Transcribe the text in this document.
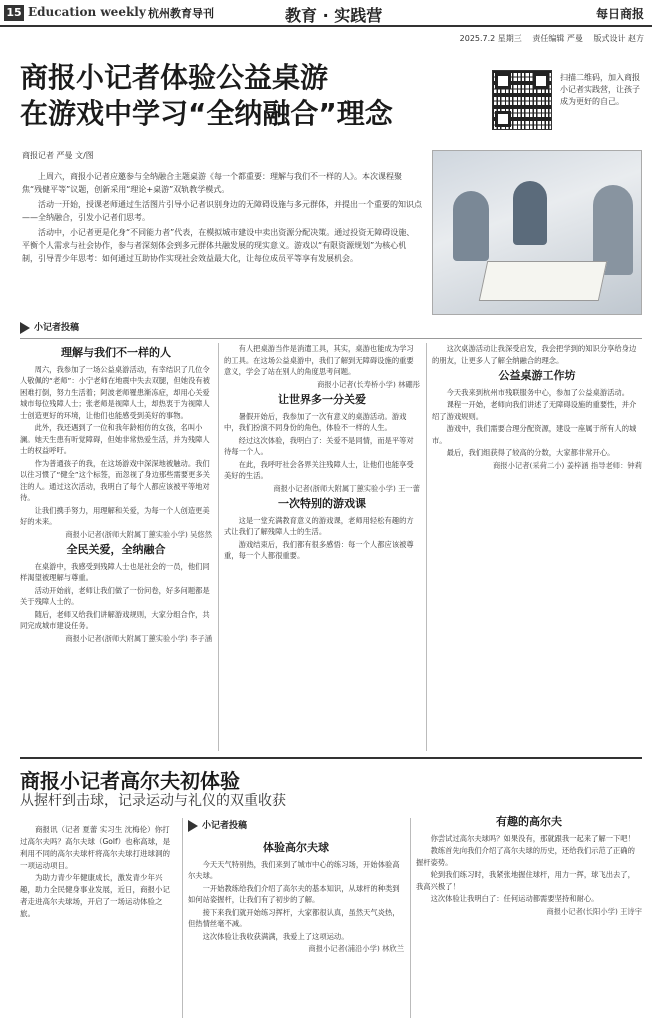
15 Education weekly 杭州教育导刊	教育 · 实践营	每日商报
2025.7.2 星期三 责任编辑 严曼 版式设计 赵方
商报小记者体验公益桌游
在游戏中学习“全纳融合”理念
扫描二维码，加入商报小记者实践营，让孩子成为更好的自己。
商报记者 严曼 文/图

上周六，商报小记者应邀参与全纳融合主题桌游《每一个都重要：理解与我们不一样的人》。本次课程聚焦“残健平等”议题，创新采用“理论+桌游”双轨教学模式。

活动一开始，授课老师通过生活图片引导小记者识别身边的无障碍设施与多元群体，并提出一个重要的知识点——全纳融合，引发小记者们思考。

活动中，小记者更是化身“不同能力者”代表，在模拟城市建设中卖出资源分配决策。通过投资无障碍设施、平衡个人需求与社会协作，参与者深刻体会到多元群体共融发展的现实意义。游戏以“有限资源规划”为核心机制，引导青少年思考：如何通过互助协作实现社会效益最大化，让每位成员平等享有发展机会。

小记者投稿
理解与我们不一样的人

周六，我参加了一场公益桌游活动，有幸结识了几位令人敬佩的“老师”：小宁老师在地震中失去双腿，但她没有被困难打倒，努力生活着；阿波老师罹患渐冻症，却用心关爱城市每位残障人士；张老师是视障人士，却热衷于为视障人士创造更好的环境，让他们也能感受到美好的事物。

此外，我还遇到了一位和我年龄相仿的女孩，名叫小澜。她天生患有听觉障碍，但她非常热爱生活，并为残障人士的权益呼吁。

作为普通孩子的我，在这场游戏中深深地被触动。我们以往习惯了“健全”这个标签，而忽视了身边那些需要更多关注的人。通过这次活动，我明白了每个人都应该被平等地对待。

让我们携手努力，用理解和关爱，为每一个人创造更美好的未来。

商报小记者(浙师大附属丁蕙实验小学) 吴悠然

全民关爱，全纳融合

在桌游中，我感受到残障人士也是社会的一员，他们同样渴望被理解与尊重。

活动开始前，老师让我们做了一份问卷，好多问题都是关于残障人士的。

随后，老师又给我们讲解游戏规则，大家分组合作，共同完成城市建设任务。

商报小记者(浙师大附属丁蕙实验小学) 李子涵

有人把桌游当作是消遣工具，其实，桌游也能成为学习的工具。在这场公益桌游中，我们了解到无障碍设施的重要意义，学会了站在别人的角度思考问题。

商报小记者(长寿桥小学) 林硼彤

让世界多一分关爱

暑假开始后，我参加了一次有意义的桌游活动。游戏中，我们扮演不同身份的角色，体验不一样的人生。

经过这次体验，我明白了：关爱不是同情，而是平等对待每一个人。

在此，我呼吁社会各界关注残障人士，让他们也能享受美好的生活。

商报小记者(浙师大附属丁蕙实验小学) 王一蕾

一次特别的游戏课

这是一堂充满教育意义的游戏课，老师用轻松有趣的方式让我们了解残障人士的生活。

游戏结束后，我们都有很多感悟：每一个人都应该被尊重，每一个人都很重要。

这次桌游活动让我深受启发，我会把学到的知识分享给身边的朋友，让更多人了解全纳融合的理念。

公益桌游工作坊

今天我来到杭州市残联服务中心，参加了公益桌游活动。

课程一开始，老师向我们讲述了无障碍设施的重要性，并介绍了游戏规则。

游戏中，我们需要合理分配资源，建设一座属于所有人的城市。

最后，我们组获得了较高的分数，大家都非常开心。

商报小记者(采荷二小) 姜梓涵 指导老师：钟莉

商报小记者高尔夫初体验
从握杆到击球，记录运动与礼仪的双重收获

商报讯（记者 夏蕾 实习生 沈梅伦）你打过高尔夫吗？高尔夫球（Golf）也称高球，是利用不同的高尔夫球杆将高尔夫球打进球洞的一项运动项目。

为助力青少年健康成长，激发青少年兴趣，助力全民健身事业发展，近日，商报小记者走进高尔夫球场，开启了一场运动体验之旅。

小记者投稿
体验高尔夫球

今天天气特别热，我们来到了城市中心的练习场，开始体验高尔夫球。

一开始教练给我们介绍了高尔夫的基本知识，从球杆的种类到如何站姿握杆，让我们有了初步的了解。

接下来我们就开始练习挥杆，大家都很认真，虽然天气炎热，但热情丝毫不减。

这次体验让我收获满满，我爱上了这项运动。

商报小记者(浦沿小学) 林欣兰

有趣的高尔夫

你尝试过高尔夫球吗？如果没有，那就跟我一起来了解一下吧！

教练首先向我们介绍了高尔夫球的历史，还给我们示范了正确的握杆姿势。

轮到我们练习时，我紧张地握住球杆，用力一挥，球飞出去了，我高兴极了！

这次体验让我明白了：任何运动都需要坚持和耐心。

商报小记者(长阳小学) 王诗宇
